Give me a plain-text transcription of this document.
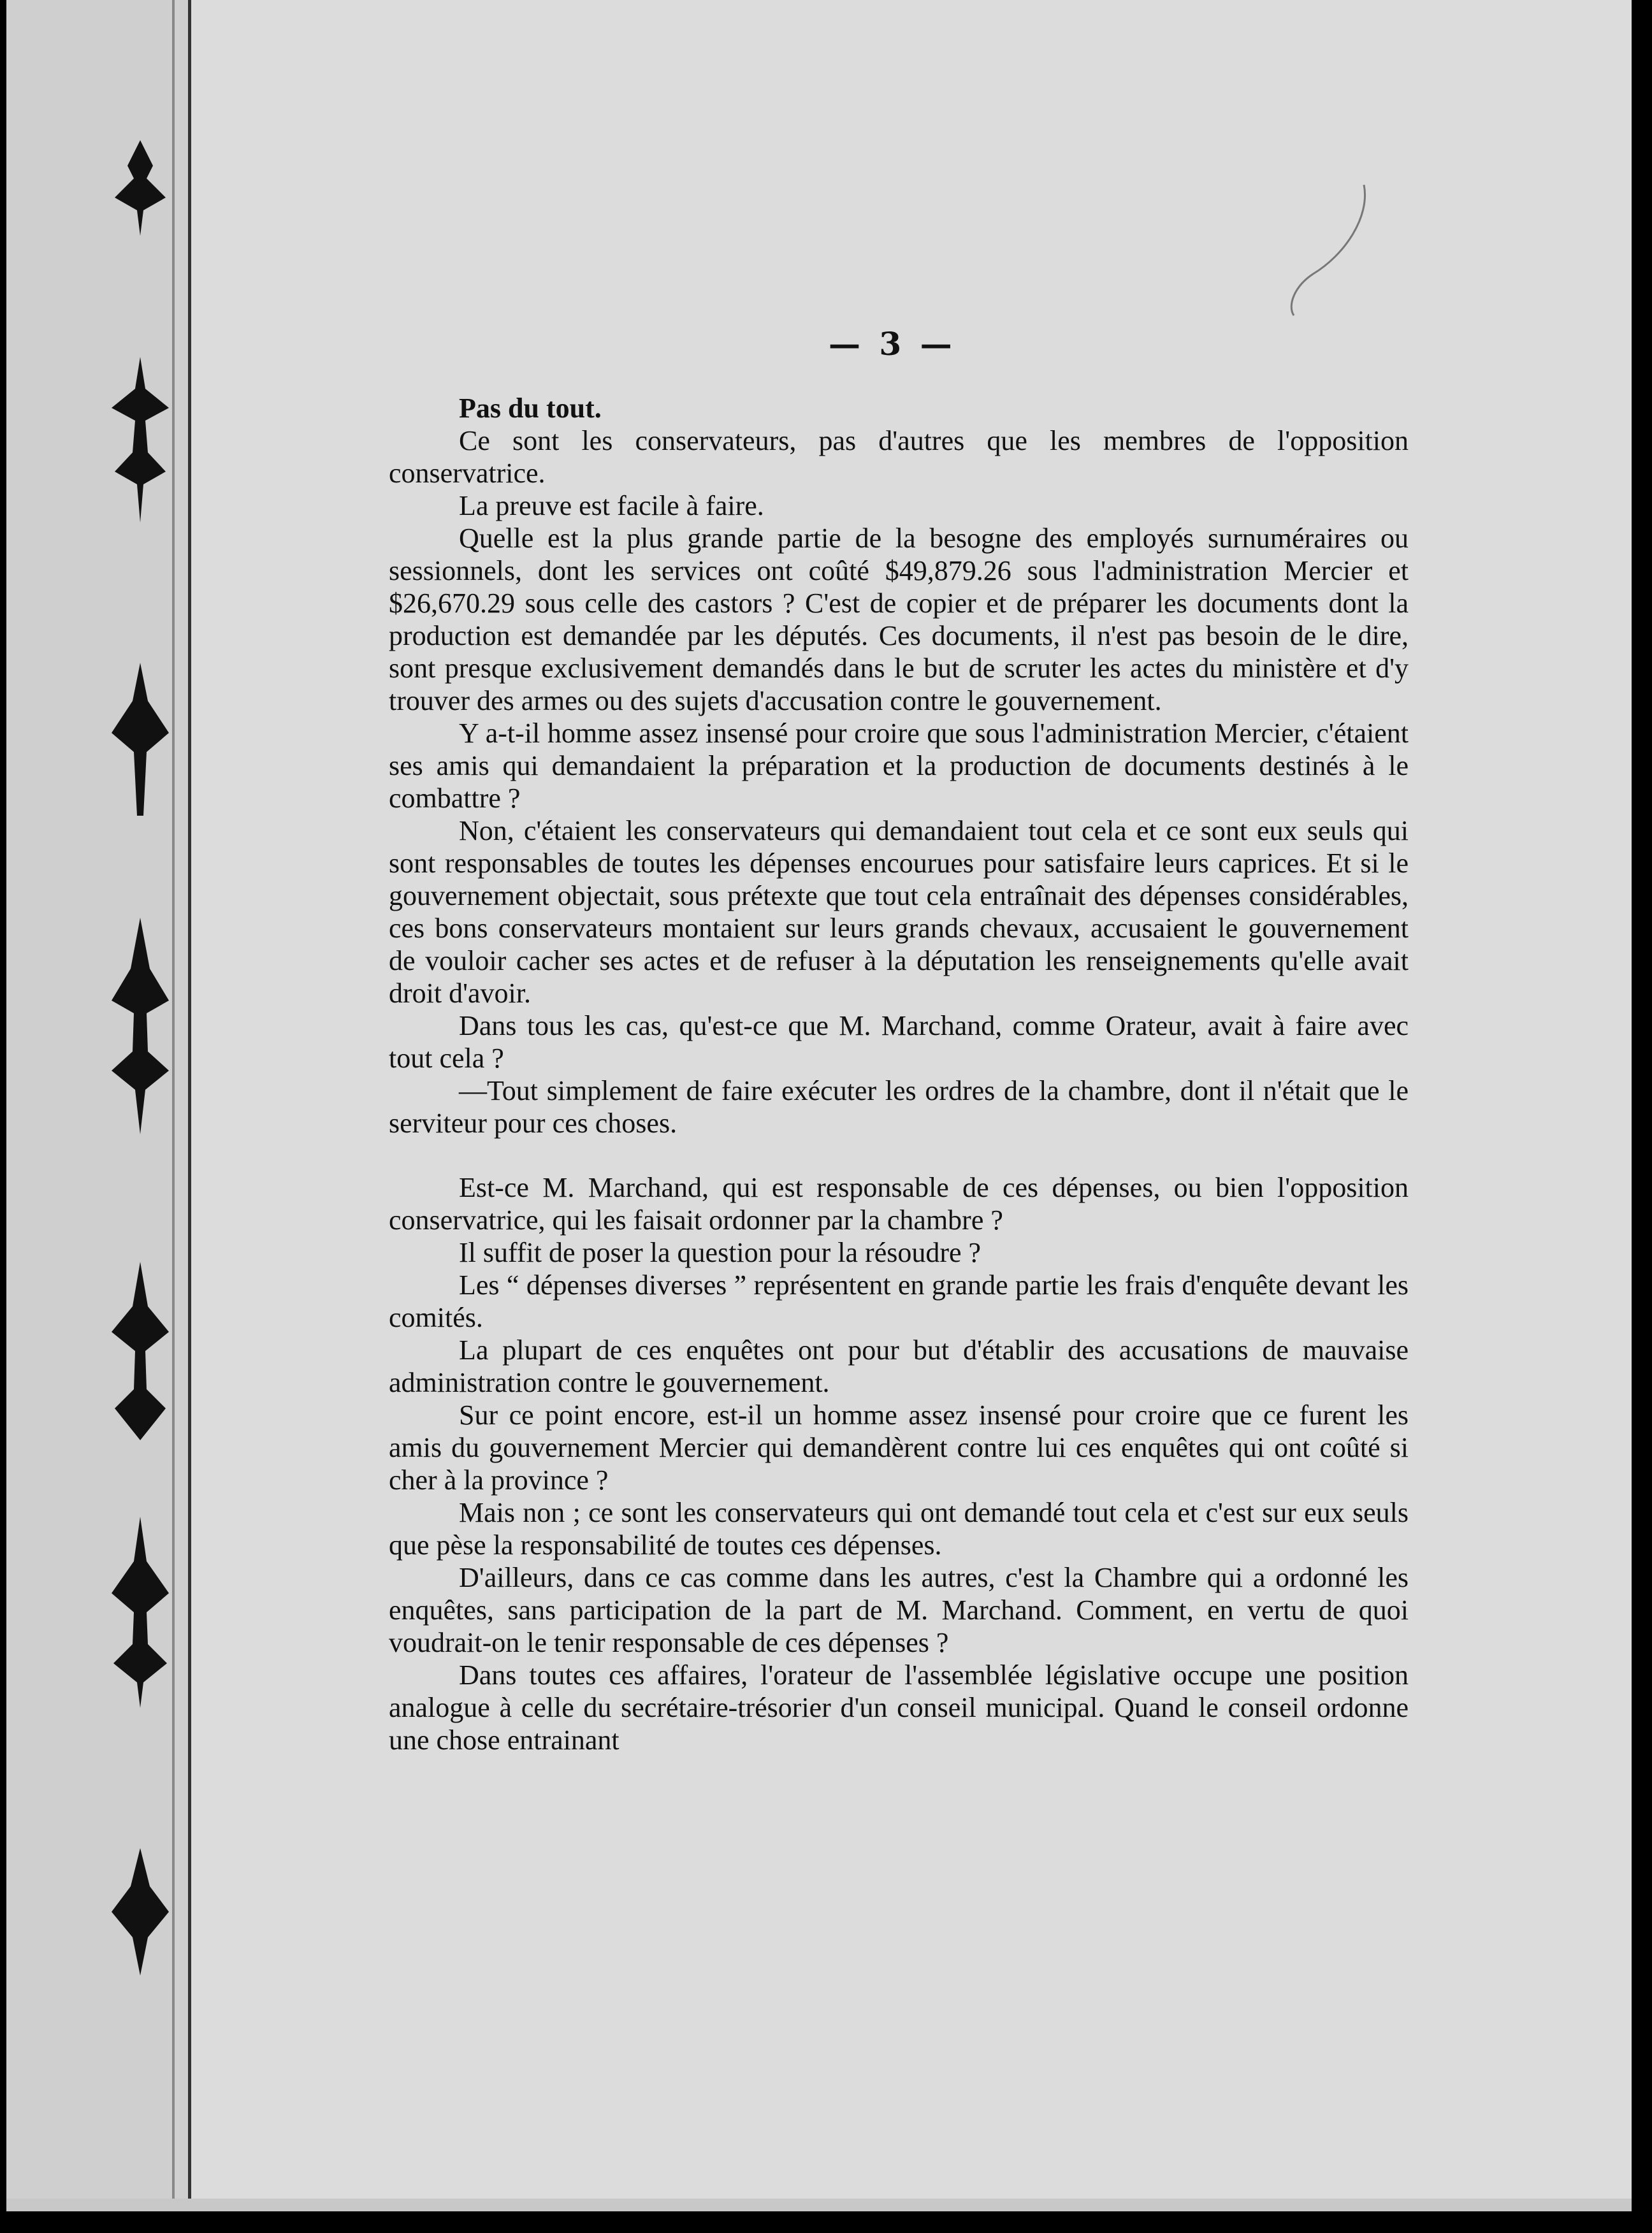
— 3 —

Pas du tout.

Ce sont les conservateurs, pas d'autres que les membres de l'opposition conservatrice.

La preuve est facile à faire.

Quelle est la plus grande partie de la besogne des employés surnuméraires ou sessionnels, dont les services ont coûté $49,879.26 sous l'administration Mercier et $26,670.29 sous celle des castors ? C'est de copier et de préparer les documents dont la production est demandée par les députés. Ces documents, il n'est pas besoin de le dire, sont presque exclusivement demandés dans le but de scruter les actes du ministère et d'y trouver des armes ou des sujets d'accusation contre le gouvernement.

Y a-t-il homme assez insensé pour croire que sous l'administration Mercier, c'étaient ses amis qui demandaient la préparation et la production de documents destinés à le combattre ?

Non, c'étaient les conservateurs qui demandaient tout cela et ce sont eux seuls qui sont responsables de toutes les dépenses encourues pour satisfaire leurs caprices. Et si le gouvernement objectait, sous prétexte que tout cela entraînait des dépenses considérables, ces bons conservateurs montaient sur leurs grands chevaux, accusaient le gouvernement de vouloir cacher ses actes et de refuser à la députation les renseignements qu'elle avait droit d'avoir.

Dans tous les cas, qu'est-ce que M. Marchand, comme Orateur, avait à faire avec tout cela ?

—Tout simplement de faire exécuter les ordres de la chambre, dont il n'était que le serviteur pour ces choses.

Est-ce M. Marchand, qui est responsable de ces dépenses, ou bien l'opposition conservatrice, qui les faisait ordonner par la chambre ?

Il suffit de poser la question pour la résoudre ?

Les “ dépenses diverses ” représentent en grande partie les frais d'enquête devant les comités.

La plupart de ces enquêtes ont pour but d'établir des accusations de mauvaise administration contre le gouvernement.

Sur ce point encore, est-il un homme assez insensé pour croire que ce furent les amis du gouvernement Mercier qui demandèrent contre lui ces enquêtes qui ont coûté si cher à la province ?

Mais non ; ce sont les conservateurs qui ont demandé tout cela et c'est sur eux seuls que pèse la responsabilité de toutes ces dépenses.

D'ailleurs, dans ce cas comme dans les autres, c'est la Chambre qui a ordonné les enquêtes, sans participation de la part de M. Marchand. Comment, en vertu de quoi voudrait-on le tenir responsable de ces dépenses ?

Dans toutes ces affaires, l'orateur de l'assemblée législative occupe une position analogue à celle du secrétaire-trésorier d'un conseil municipal. Quand le conseil ordonne une chose entrainant
